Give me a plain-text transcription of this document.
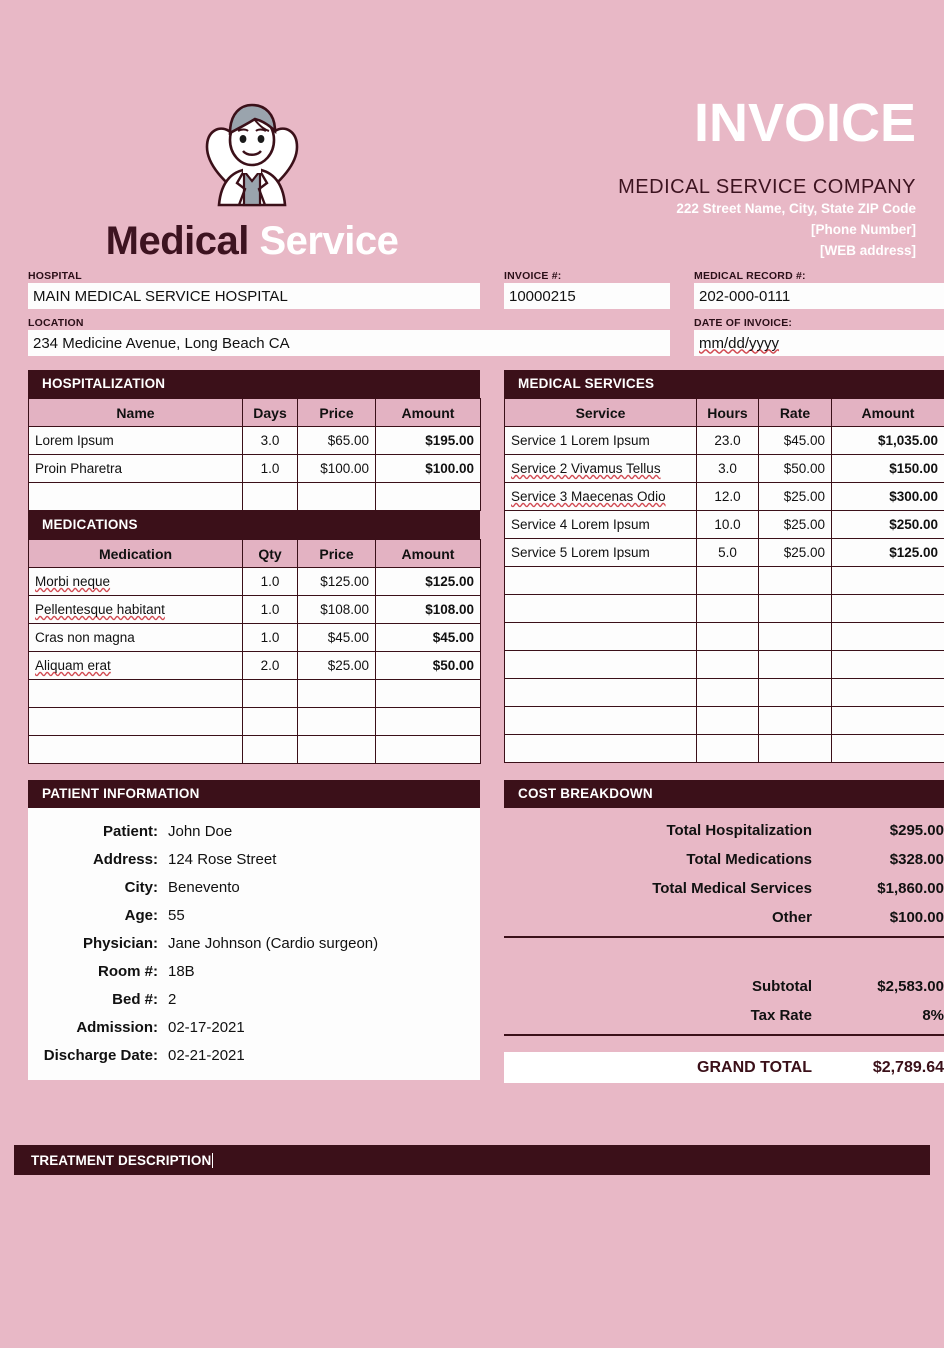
Medical Service
INVOICE
MEDICAL SERVICE COMPANY
222 Street Name, City, State ZIP Code
[Phone Number]
[WEB address]
HOSPITAL
MAIN MEDICAL SERVICE HOSPITAL
LOCATION
234 Medicine Avenue, Long Beach CA
INVOICE #:
10000215

MEDICAL RECORD #:
202-000-0111
DATE OF INVOICE:
mm/dd/yyyy
HOSPITALIZATION
Name	Days	Price	Amount
Lorem Ipsum	3.0	$65.00	$195.00
Proin Pharetra	1.0	$100.00	$100.00

MEDICATIONS
Medication	Qty	Price	Amount
Morbi neque	1.0	$125.00	$125.00
Pellentesque habitant	1.0	$108.00	$108.00
Cras non magna	1.0	$45.00	$45.00
Aliquam erat	2.0	$25.00	$50.00

MEDICAL SERVICES
Service	Hours	Rate	Amount
Service 1 Lorem Ipsum	23.0	$45.00	$1,035.00
Service 2 Vivamus Tellus	3.0	$50.00	$150.00
Service 3 Maecenas Odio	12.0	$25.00	$300.00
Service 4 Lorem Ipsum	10.0	$25.00	$250.00
Service 5 Lorem Ipsum	5.0	$25.00	$125.00

PATIENT INFORMATION
Patient: John Doe
Address: 124 Rose Street
City: Benevento
Age: 55
Physician: Jane Johnson (Cardio surgeon)
Room #: 18B
Bed #: 2
Admission: 02-17-2021
Discharge Date: 02-21-2021
COST BREAKDOWN
Total Hospitalization	$295.00
Total Medications	$328.00
Total Medical Services	$1,860.00
Other	$100.00
Subtotal	$2,583.00
Tax Rate	8%
GRAND TOTAL	$2,789.64
TREATMENT DESCRIPTION
